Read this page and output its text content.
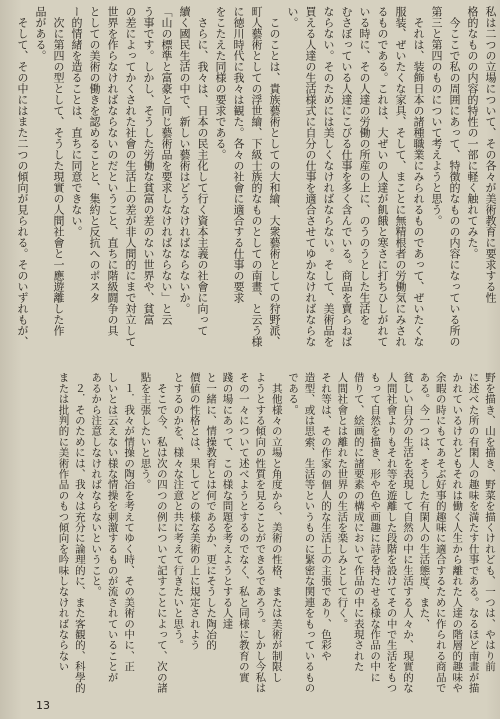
私は二つの立場について、その各々が美術教育に要求する性
格的なものの内容的特性の一部に軽く触れてみた。
　今ここで私の周囲にあって、特徴的なものの内容になっている所の
第三と第四のものについて考えようと思う。
　それは、装飾日本の諸種職業にみられるものであって、ぜいたくな
服装、ぜいたくな家具、そして、まことに無精根者の労働気にみされ
るものである。これは、大ぜいの人達が飢餓と寒さに打ちひしがれて
いる時に、その人達の労働の所産の上に、のうのうとした生活を
むさぼっている人達にこびる仕事を多く含んでいる。商品を賣らねば
ならない。そのためには美しくなければならない。そして、美術品を
買える人達の生活様式に自分の仕事を適合させてゆかなければならな
い。
　このことは、貴族藝術としての大和繪、大衆藝術としての狩野派、
町人藝術としての浮世繪、下級士族的なものとしての南畫、と云う様
に徳川時代に我々は観た。各々の社會に適合する仕事の要求
をこたえた同様の要求である。
　さらに、我々は、日本の民主化して行く資本主義の社會に向って
續く國民生活の中で、新しい藝術はどうなければならないか。
「山の標準と富豪と同じ藝術品を要求しなければならない」と云
う事です。しかし、そうした労働な貧富の差のない世界や、貧富
の差によってかくされた社會の生活上の差が非人間的にまで対立して
世界を作らなければならないのだということ、直ちに階級闘争の具
としての美術の働きを認めることと、集約と反抗へのポスタ
ー的情緒を造ることは、直ちに同意できない。
　次に第四の型として、そうした現實の人間社會と一應遊離した作
品がある。
　そして、その中にはまた二つの傾向が見られる。そのいずれもが、
野を描き、山を描き、野菜を描くけれども、一つは、やはり前
に述べた所の有閑人の趣味を満たす仕事である。なるほど南畫が描
かれているけれどもそれは働く人生から離れた人達の階層的趣味や
余暇の時にもてあそぶ好事的趣味に適合するために作られる商品で
ある。今一つは、そうした有閑人の生活態度、また、
貧しい自分の生活を表現して自然の中に生活する人々か、現實的な
人間社會よりもそれ等を遊離した段階を設けてその中で生活をもつ
もって自然を描き、形や色や画趣に詩を持たせる様な作品の中に
借りて、絵画的に諸要素の構成において作品の中に表現された
人間社會とは離れた世界の生活を楽しみとして行く。
それ等は、その作家の個人的な生活上の主張であり、色彩や
造型、或は思索、生活等というものに緊密な関連をもっているもの
である。
　其他様々の立場と角度から、美術の性格、または美術が制限し
ようとする傾向の性質を見ることができるであろう。しかし今私は
その一々について述べようとするのでなく、私と同様に教育の實
踐の場にあって、この様な問題を考えようとする人達
と一緒に、情操教育とは何であるか、更にそうした陶冶的
價値の性格とは、果してどの様な美術の上に規定されよう
とするのかを、様々な注意と共に考えて行きたいと思う。
　そこで今、私は次の四つの例について記すことによって、次の諸
點を主張したいと思う。
　１．我々が情操の陶冶を考えてゆく時、その美術の中に、正
しいとは云えない様な情操を刺激するものが流されていることが
あるから注意しなければならないということ。
　２．そのためには、我々は充分に論理的に、また客観的、科學的
または批判的に美術作品のもつ傾向を吟味しなければならない
13
